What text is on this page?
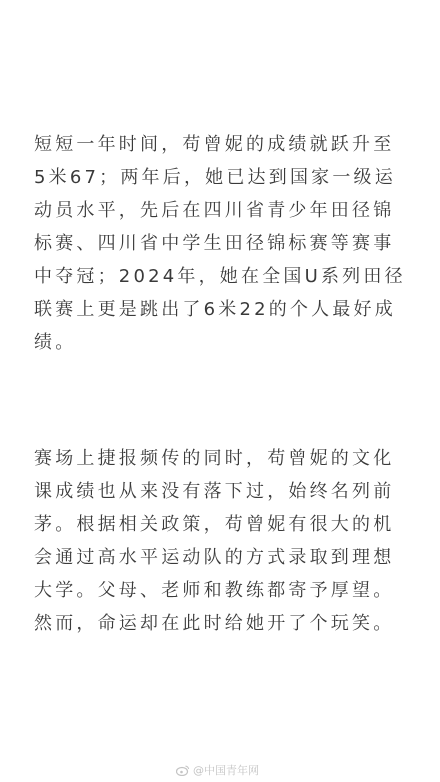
短短一年时间，苟曾妮的成绩就跃升至
5米67；两年后，她已达到国家一级运
动员水平，先后在四川省青少年田径锦
标赛、四川省中学生田径锦标赛等赛事
中夺冠；2024年，她在全国U系列田径
联赛上更是跳出了6米22的个人最好成
绩。

赛场上捷报频传的同时，苟曾妮的文化
课成绩也从来没有落下过，始终名列前
茅。根据相关政策，苟曾妮有很大的机
会通过高水平运动队的方式录取到理想
大学。父母、老师和教练都寄予厚望。
然而，命运却在此时给她开了个玩笑。

@中国青年网
